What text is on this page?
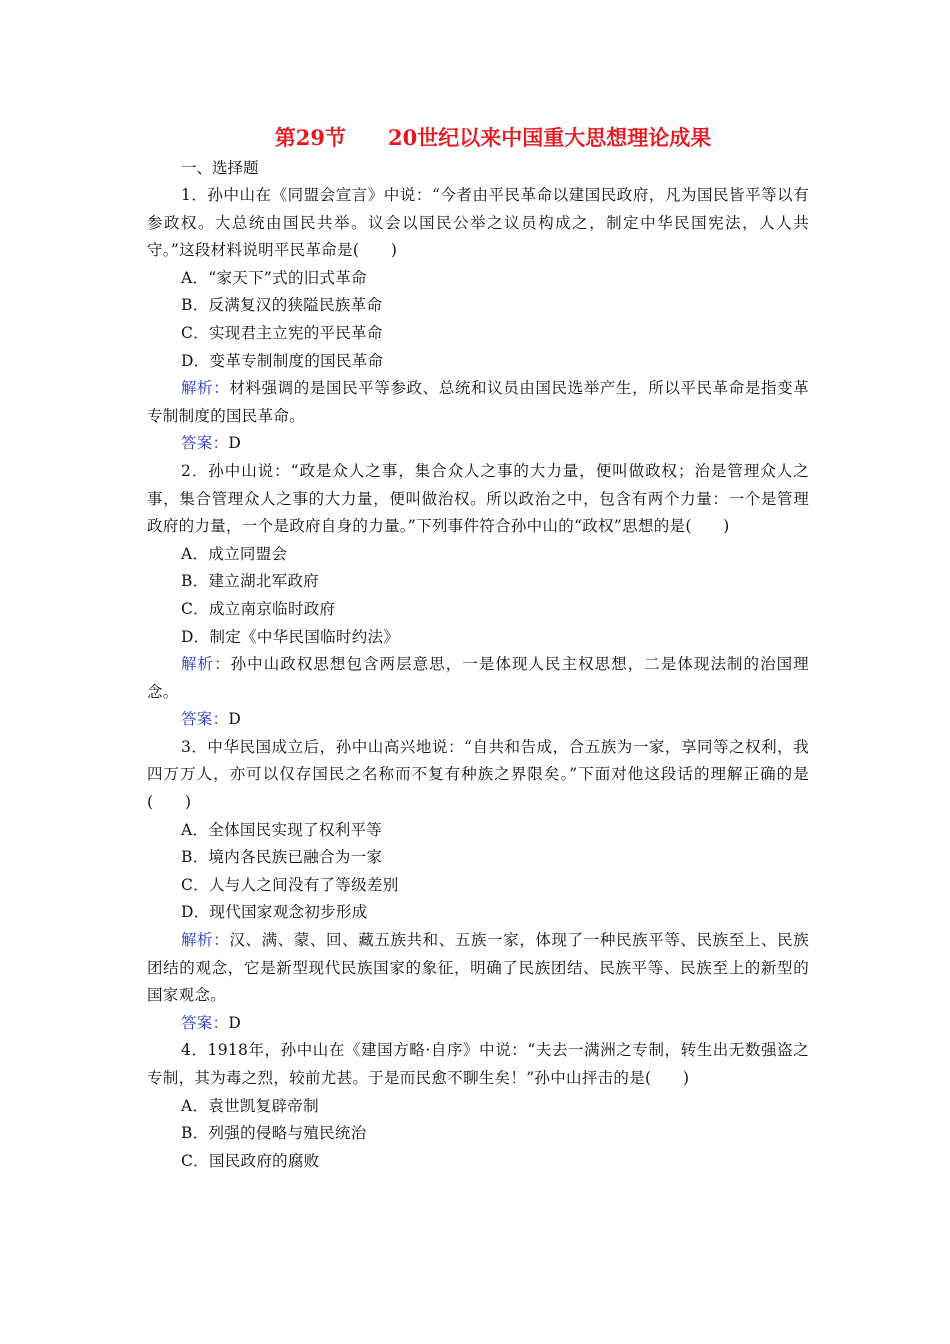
第29节　　20世纪以来中国重大思想理论成果
一、选择题

1．孙中山在《同盟会宣言》中说：“今者由平民革命以建国民政府，凡为国民皆平等以有参政权。大总统由国民共举。议会以国民公举之议员构成之，制定中华民国宪法，人人共守。”这段材料说明平民革命是(　　)

A．“家天下”式的旧式革命

B．反满复汉的狭隘民族革命

C．实现君主立宪的平民革命

D．变革专制制度的国民革命

解析：材料强调的是国民平等参政、总统和议员由国民选举产生，所以平民革命是指变革专制制度的国民革命。

答案：D

2．孙中山说：“政是众人之事，集合众人之事的大力量，便叫做政权；治是管理众人之事，集合管理众人之事的大力量，便叫做治权。所以政治之中，包含有两个力量：一个是管理政府的力量，一个是政府自身的力量。”下列事件符合孙中山的“政权”思想的是(　　)

A．成立同盟会

B．建立湖北军政府

C．成立南京临时政府

D．制定《中华民国临时约法》

解析：孙中山政权思想包含两层意思，一是体现人民主权思想，二是体现法制的治国理念。

答案：D

3．中华民国成立后，孙中山高兴地说：“自共和告成，合五族为一家，享同等之权利，我四万万人，亦可以仅存国民之名称而不复有种族之界限矣。”下面对他这段话的理解正确的是(　　)

A．全体国民实现了权利平等

B．境内各民族已融合为一家

C．人与人之间没有了等级差别

D．现代国家观念初步形成

解析：汉、满、蒙、回、藏五族共和、五族一家，体现了一种民族平等、民族至上、民族团结的观念，它是新型现代民族国家的象征，明确了民族团结、民族平等、民族至上的新型的国家观念。

答案：D

4．1918年，孙中山在《建国方略·自序》中说：“夫去一满洲之专制，转生出无数强盗之专制，其为毒之烈，较前尤甚。于是而民愈不聊生矣！”孙中山抨击的是(　　)

A．袁世凯复辟帝制

B．列强的侵略与殖民统治

C．国民政府的腐败
